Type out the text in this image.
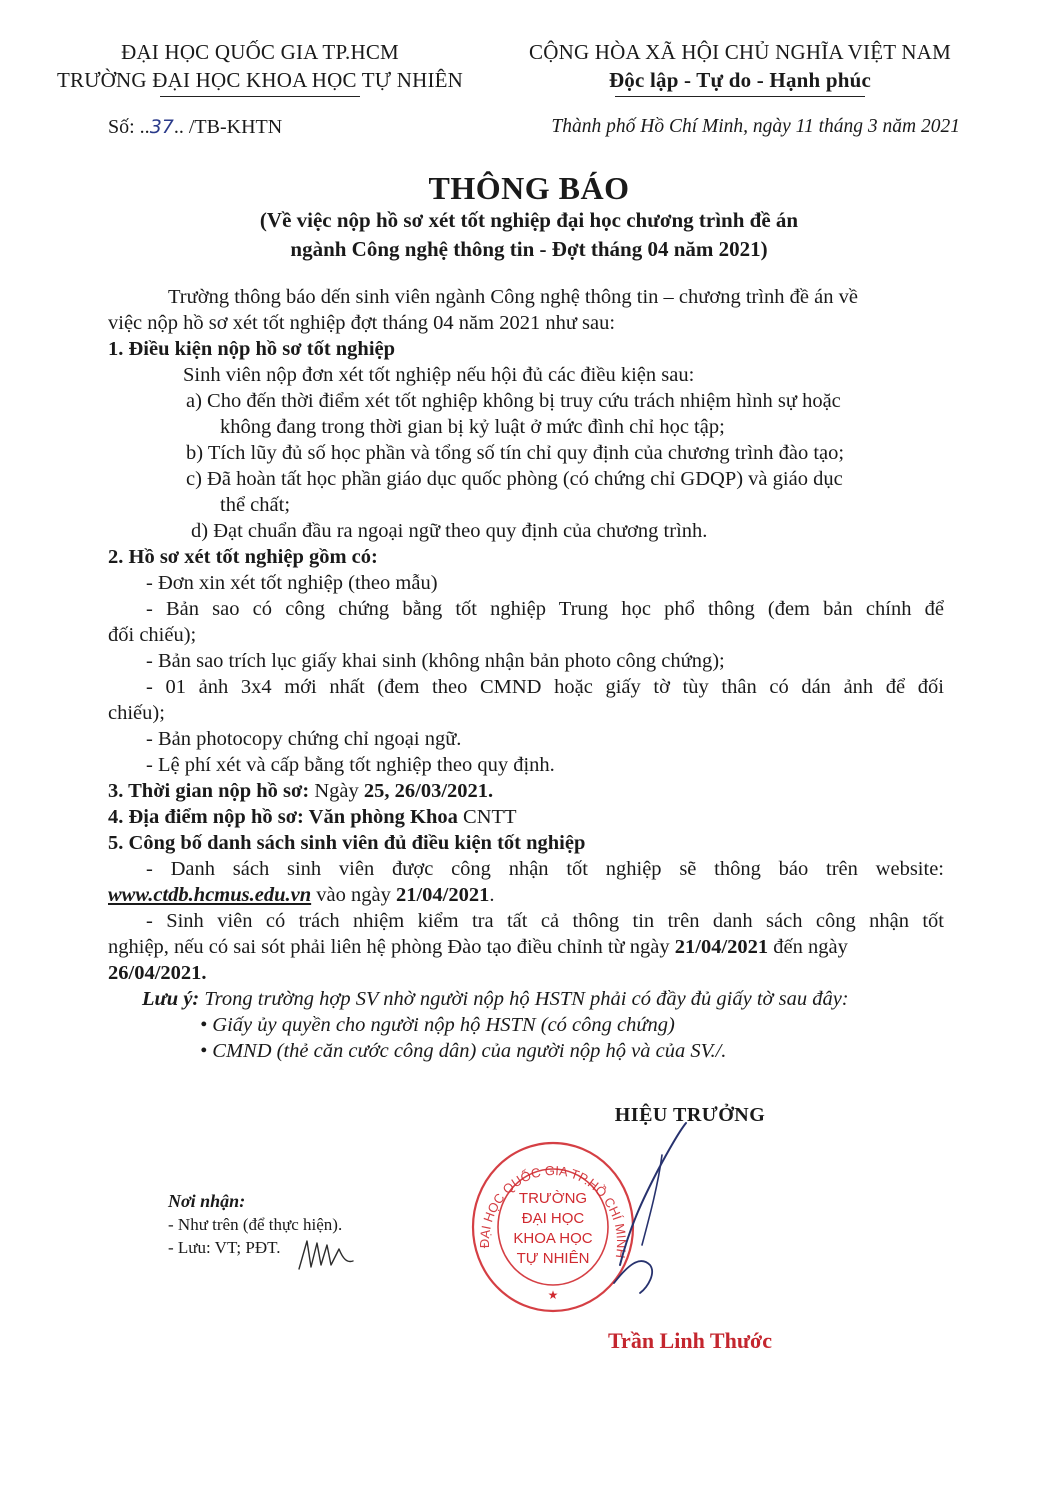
ĐẠI HỌC QUỐC GIA TP.HCM
TRƯỜNG ĐẠI HỌC KHOA HỌC TỰ NHIÊN
CỘNG HÒA XÃ HỘI CHỦ NGHĨA VIỆT NAM
Độc lập - Tự do - Hạnh phúc
Số: ..37.. /TB-KHTN	Thành phố Hồ Chí Minh, ngày 11 tháng 3 năm 2021
THÔNG BÁO
(Về việc nộp hồ sơ xét tốt nghiệp đại học chương trình đề án
ngành Công nghệ thông tin - Đợt tháng 04 năm 2021)

Trường thông báo dến sinh viên ngành Công nghệ thông tin – chương trình đề án về

việc nộp hồ sơ xét tốt nghiệp đợt tháng 04 năm 2021 như sau:

1. Điều kiện nộp hồ sơ tốt nghiệp

Sinh viên nộp đơn xét tốt nghiệp nếu hội đủ các điều kiện sau:

a) Cho đến thời điểm xét tốt nghiệp không bị truy cứu trách nhiệm hình sự hoặc

không đang trong thời gian bị kỷ luật ở mức đình chỉ học tập;

b) Tích lũy đủ số học phần và tổng số tín chỉ quy định của chương trình đào tạo;

c) Đã hoàn tất học phần giáo dục quốc phòng (có chứng chỉ GDQP) và giáo dục

thể chất;

d) Đạt chuẩn đầu ra ngoại ngữ theo quy định của chương trình.

2. Hồ sơ xét tốt nghiệp gồm có:

- Đơn xin xét tốt nghiệp (theo mẫu)

- Bản sao có công chứng bằng tốt nghiệp Trung học phổ thông (đem bản chính để

đối chiếu);

- Bản sao trích lục giấy khai sinh (không nhận bản photo công chứng);

- 01 ảnh 3x4 mới nhất (đem theo CMND hoặc giấy tờ tùy thân có dán ảnh để đối

chiếu);

- Bản photocopy chứng chỉ ngoại ngữ.

- Lệ phí xét và cấp bằng tốt nghiệp theo quy định.

3. Thời gian nộp hồ sơ: Ngày 25, 26/03/2021.

4. Địa điểm nộp hồ sơ: Văn phòng Khoa CNTT

5. Công bố danh sách sinh viên đủ điều kiện tốt nghiệp

- Danh sách sinh viên được công nhận tốt nghiệp sẽ thông báo trên website:

www.ctdb.hcmus.edu.vn vào ngày 21/04/2021.

- Sinh viên có trách nhiệm kiểm tra tất cả thông tin trên danh sách công nhận tốt

nghiệp, nếu có sai sót phải liên hệ phòng Đào tạo điều chỉnh từ ngày 21/04/2021 đến ngày

26/04/2021.

Lưu ý: Trong trường hợp SV nhờ người nộp hộ HSTN phải có đầy đủ giấy tờ sau đây:

• Giấy ủy quyền cho người nộp hộ HSTN (có công chứng)

• CMND (thẻ căn cước công dân) của người nộp hộ và của SV./.

HIỆU TRƯỞNG
ĐẠI HỌC QUỐC GIA TP.HỒ CHÍ MINH
TRƯỜNG
ĐẠI HỌC
KHOA HỌC
TỰ NHIÊN
★
Trần Linh Thước
Nơi nhận:
- Như trên (để thực hiện).
- Lưu: VT; PĐT.
